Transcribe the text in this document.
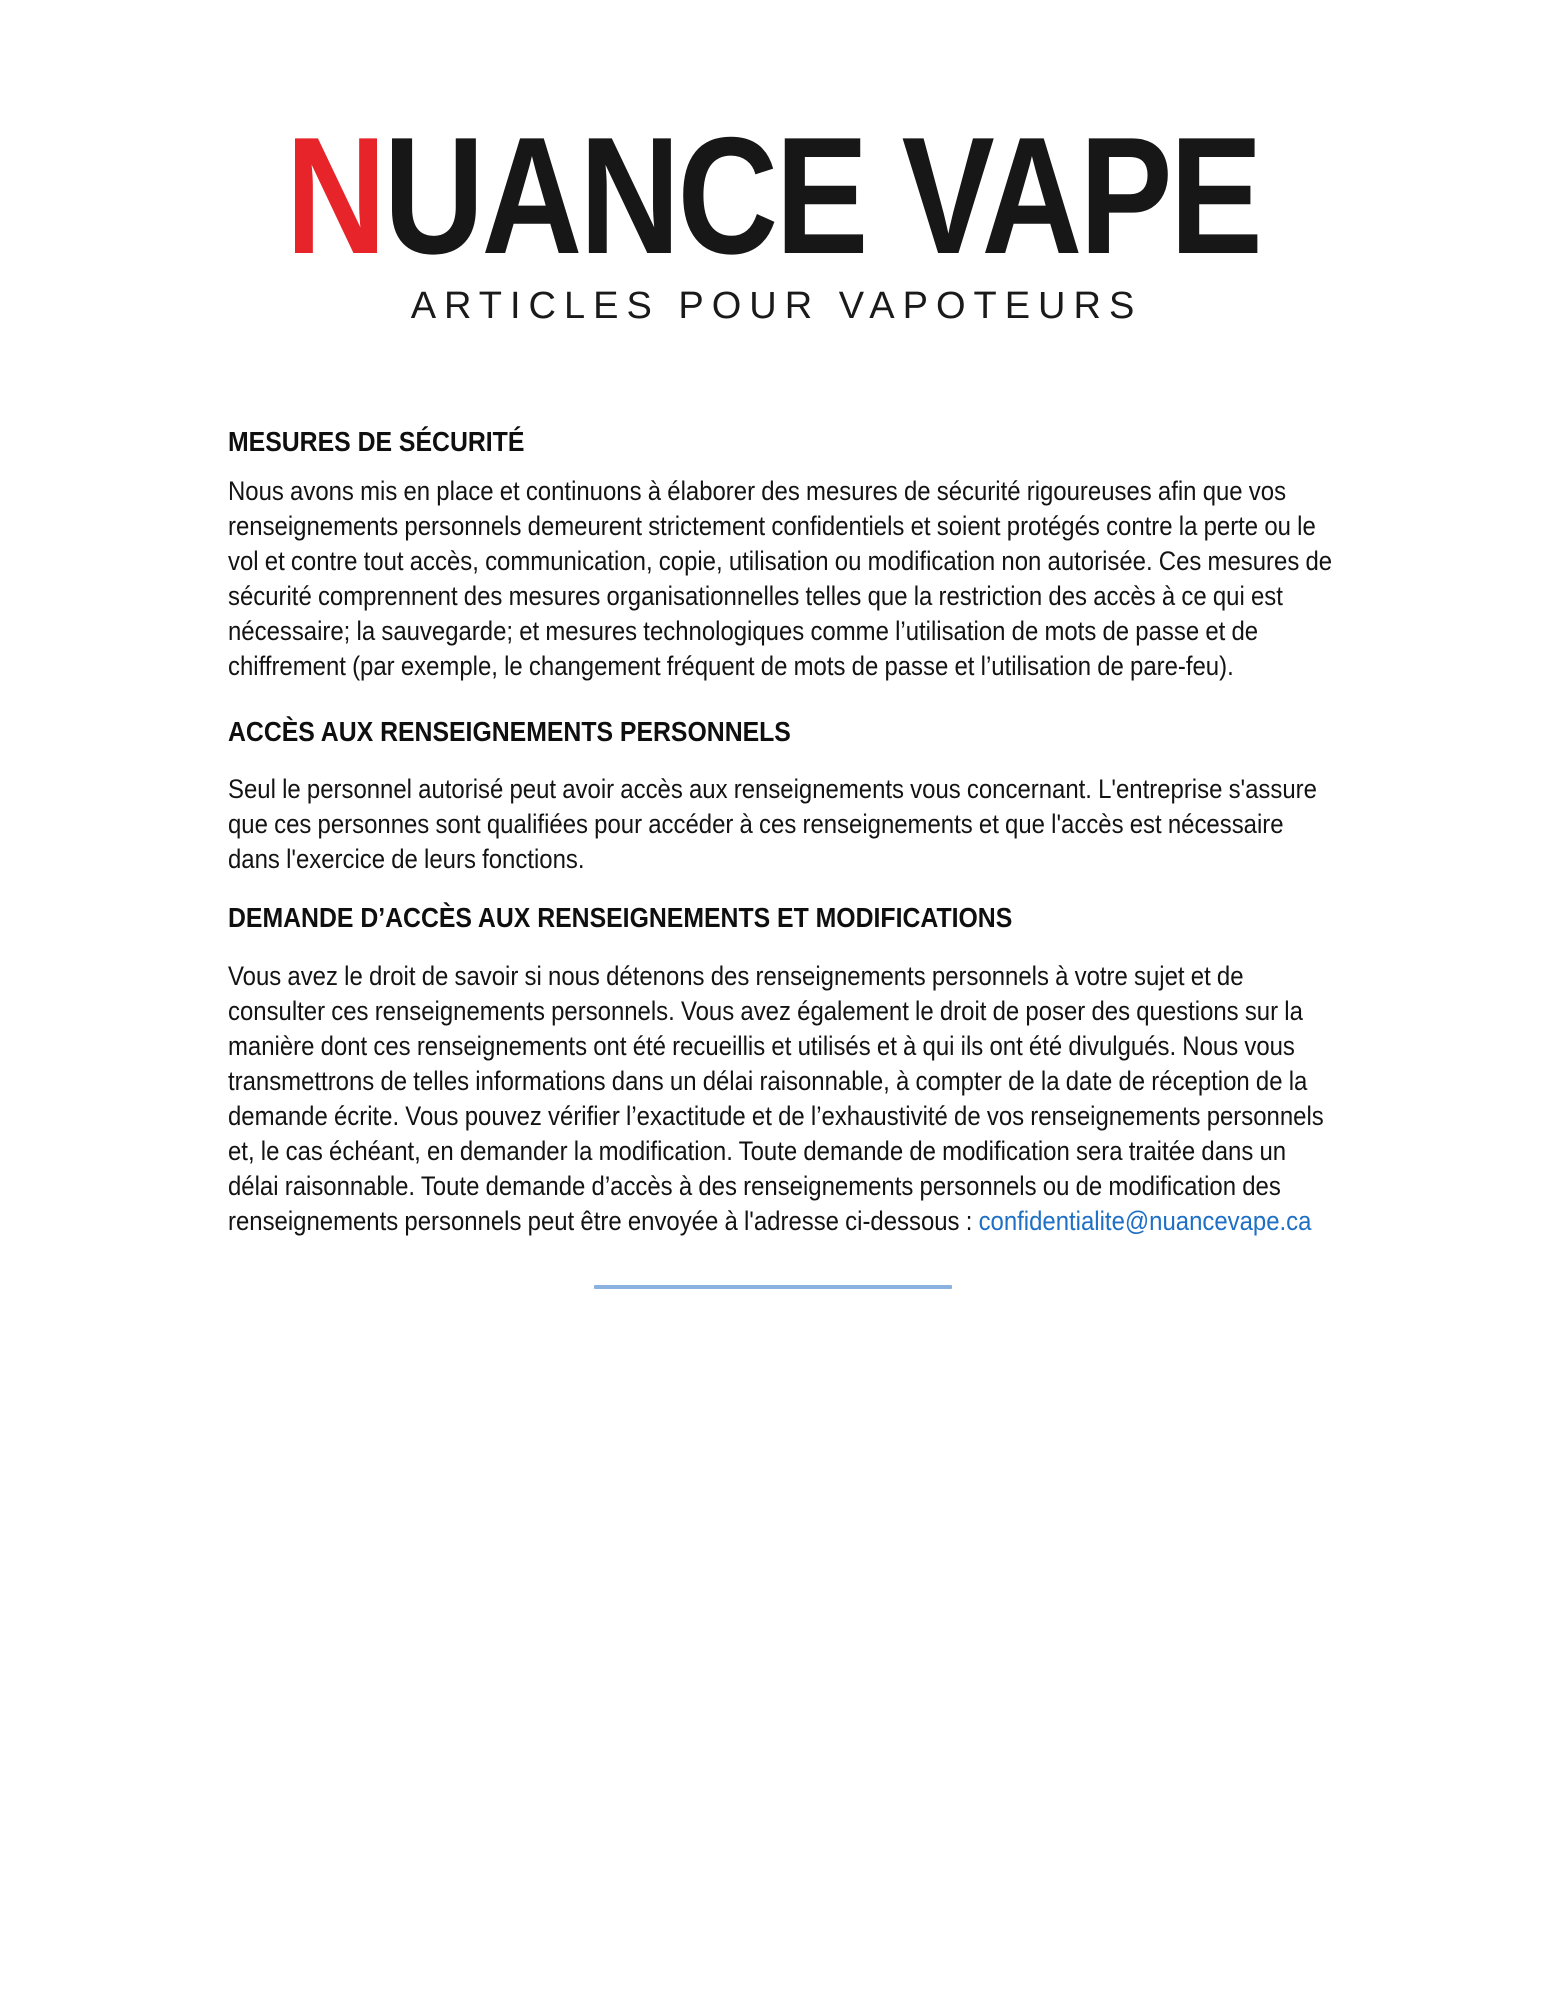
NUANCE VAPE
ARTICLES POUR VAPOTEURS
MESURES DE SÉCURITÉ

Nous avons mis en place et continuons à élaborer des mesures de sécurité rigoureuses afin que vos renseignements personnels demeurent strictement confidentiels et soient protégés contre la perte ou le vol et contre tout accès, communication, copie, utilisation ou modification non autorisée. Ces mesures de sécurité comprennent des mesures organisationnelles telles que la restriction des accès à ce qui est nécessaire; la sauvegarde; et mesures technologiques comme l’utilisation de mots de passe et de chiffrement (par exemple, le changement fréquent de mots de passe et l’utilisation de pare-feu).

ACCÈS AUX RENSEIGNEMENTS PERSONNELS

Seul le personnel autorisé peut avoir accès aux renseignements vous concernant. L'entreprise s'assure que ces personnes sont qualifiées pour accéder à ces renseignements et que l'accès est nécessaire dans l'exercice de leurs fonctions.

DEMANDE D’ACCÈS AUX RENSEIGNEMENTS ET MODIFICATIONS

Vous avez le droit de savoir si nous détenons des renseignements personnels à votre sujet et de consulter ces renseignements personnels. Vous avez également le droit de poser des questions sur la manière dont ces renseignements ont été recueillis et utilisés et à qui ils ont été divulgués. Nous vous transmettrons de telles informations dans un délai raisonnable, à compter de la date de réception de la demande écrite. Vous pouvez vérifier l’exactitude et de l’exhaustivité de vos renseignements personnels et, le cas échéant, en demander la modification. Toute demande de modification sera traitée dans un délai raisonnable. Toute demande d’accès à des renseignements personnels ou de modification des renseignements personnels peut être envoyée à l'adresse ci-dessous : confidentialite@nuancevape.ca
